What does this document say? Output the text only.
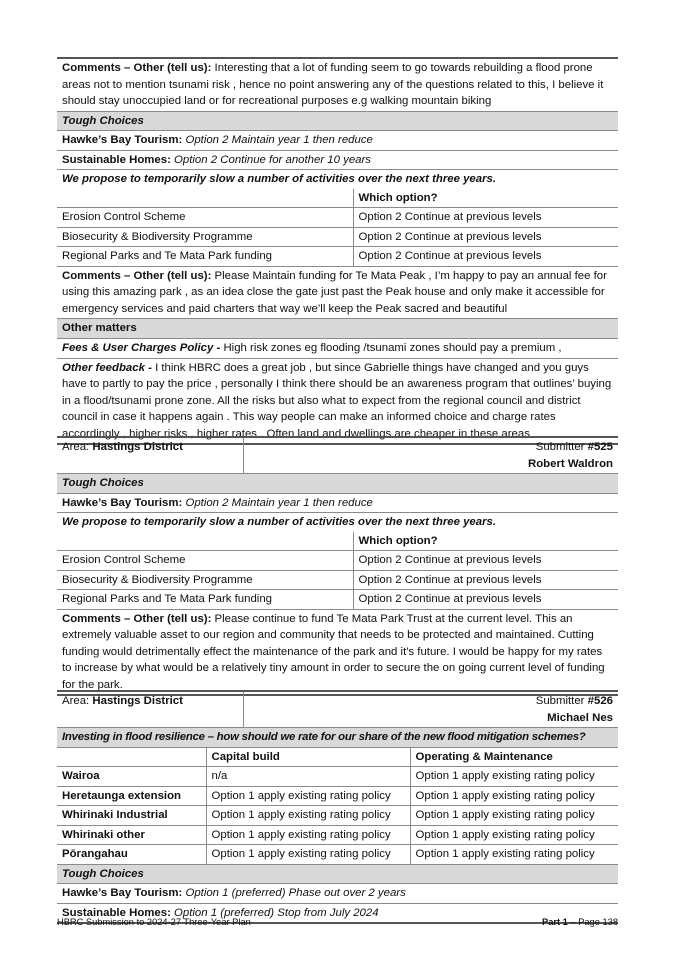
Comments – Other (tell us): Interesting that a lot of funding seem to go towards rebuilding a flood prone areas not to mention tsunami risk , hence no point answering any of the questions related to this, I believe it should stay unoccupied land or for recreational purposes e.g walking mountain biking	
Tough Choices	
Hawke’s Bay Tourism: Option 2 Maintain year 1 then reduce	
Sustainable Homes: Option 2 Continue for another 10 years	
We propose to temporarily slow a number of activities over the next three years.	
	Which option?
Erosion Control Scheme	Option 2 Continue at previous levels
Biosecurity & Biodiversity Programme	Option 2 Continue at previous levels
Regional Parks and Te Mata Park funding	Option 2 Continue at previous levels
Comments – Other (tell us): Please Maintain funding for Te Mata Peak , I’m happy to pay an annual fee for using this amazing park , as an idea close the gate just past the Peak house and only make it accessible for emergency services and paid charters that way we’ll keep the Peak sacred and beautiful	
Other matters	
Fees & User Charges Policy - High risk zones eg flooding /tsunami zones should pay a premium ,	
Other feedback - I think HBRC does a great job , but since Gabrielle things have changed and you guys have to partly to pay the price , personally I think there should be an awareness program that outlines’ buying in a flood/tsunami prone zone. All the risks but also what to expect from the regional council and district council in case it happens again . This way people can make an informed choice and charge rates accordingly , higher risks , higher rates . Often land and dwellings are cheaper in these areas	
Area: Hastings District	Submitter #525
Robert Waldron	
Tough Choices		
Hawke’s Bay Tourism: Option 2 Maintain year 1 then reduce		
We propose to temporarily slow a number of activities over the next three years.		
		Which option?
Erosion Control Scheme		Option 2 Continue at previous levels
Biosecurity & Biodiversity Programme		Option 2 Continue at previous levels
Regional Parks and Te Mata Park funding		Option 2 Continue at previous levels
Comments – Other (tell us): Please continue to fund Te Mata Park Trust at the current level. This an extremely valuable asset to our region and community that needs to be protected and maintained. Cutting funding would detrimentally effect the maintenance of the park and it's future. I would be happy for my rates to increase by what would be a relatively tiny amount in order to secure the on going current level of funding for the park.		
Area: Hastings District		Submitter #526
Michael Nes	
Investing in flood resilience – how should we rate for our share of the new flood mitigation schemes?			
	Capital build		Operating & Maintenance
Wairoa	n/a		Option 1 apply existing rating policy
Heretaunga extension	Option 1 apply existing rating policy		Option 1 apply existing rating policy
Whirinaki Industrial	Option 1 apply existing rating policy		Option 1 apply existing rating policy
Whirinaki other	Option 1 apply existing rating policy		Option 1 apply existing rating policy
Pōrangahau	Option 1 apply existing rating policy		Option 1 apply existing rating policy
Tough Choices			
Hawke’s Bay Tourism: Option 1 (preferred) Phase out over 2 years			
Sustainable Homes: Option 1 (preferred) Stop from July 2024			
HBRC Submission to 2024-27 Three-Year Plan	Part 1 – Page 138
